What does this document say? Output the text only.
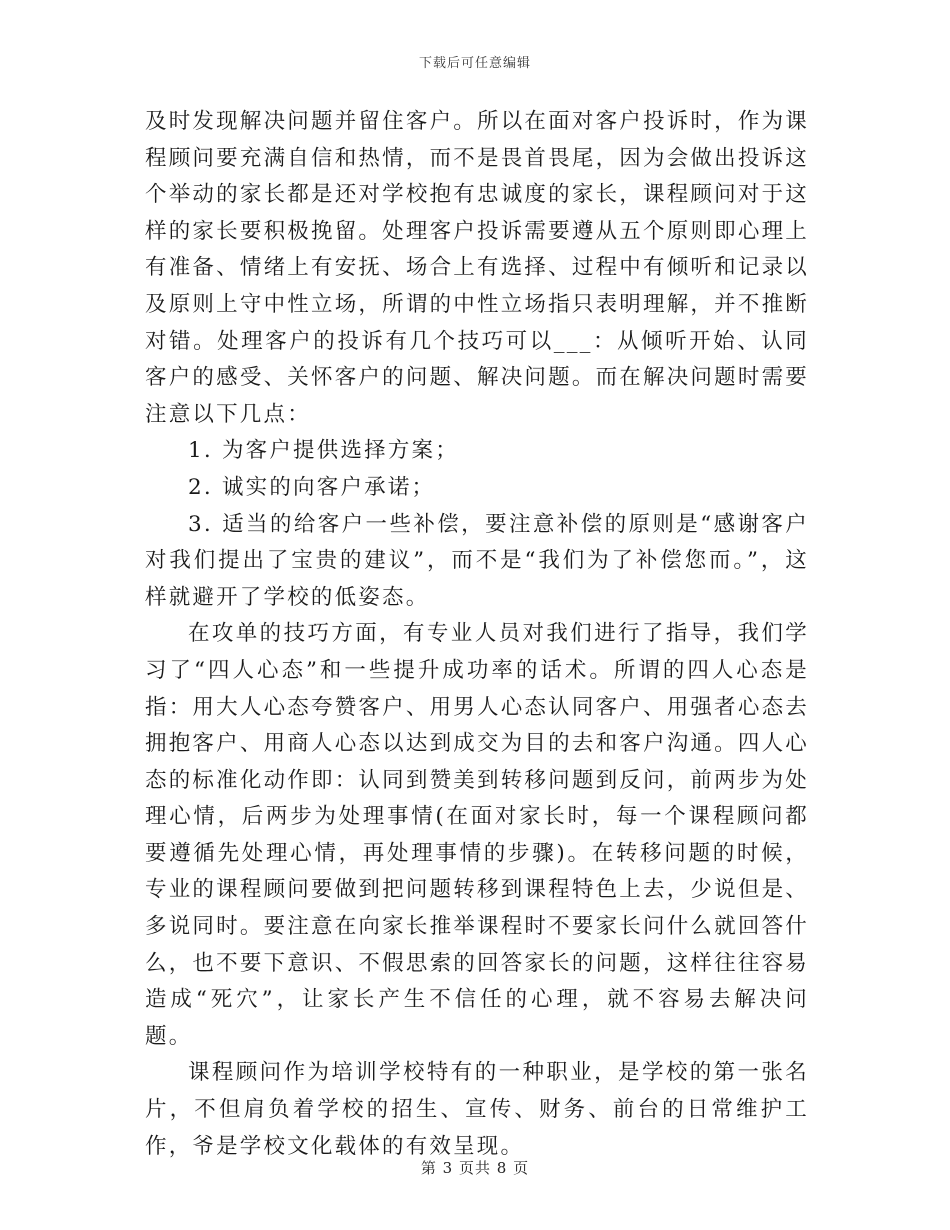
下载后可任意编辑

及时发现解决问题并留住客户。所以在面对客户投诉时，作为课程顾问要充满自信和热情，而不是畏首畏尾，因为会做出投诉这个举动的家长都是还对学校抱有忠诚度的家长，课程顾问对于这样的家长要积极挽留。处理客户投诉需要遵从五个原则即心理上有准备、情绪上有安抚、场合上有选择、过程中有倾听和记录以及原则上守中性立场，所谓的中性立场指只表明理解，并不推断对错。处理客户的投诉有几个技巧可以___：从倾听开始、认同客户的感受、关怀客户的问题、解决问题。而在解决问题时需要注意以下几点：

1. 为客户提供选择方案；

2. 诚实的向客户承诺；

3. 适当的给客户一些补偿，要注意补偿的原则是“感谢客户对我们提出了宝贵的建议”，而不是“我们为了补偿您而。”，这样就避开了学校的低姿态。

在攻单的技巧方面，有专业人员对我们进行了指导，我们学习了“四人心态”和一些提升成功率的话术。所谓的四人心态是指：用大人心态夸赞客户、用男人心态认同客户、用强者心态去拥抱客户、用商人心态以达到成交为目的去和客户沟通。四人心态的标准化动作即：认同到赞美到转移问题到反问，前两步为处理心情，后两步为处理事情(在面对家长时，每一个课程顾问都要遵循先处理心情，再处理事情的步骤)。在转移问题的时候，专业的课程顾问要做到把问题转移到课程特色上去，少说但是、多说同时。要注意在向家长推举课程时不要家长问什么就回答什么，也不要下意识、不假思索的回答家长的问题，这样往往容易造成“死穴”，让家长产生不信任的心理，就不容易去解决问题。

课程顾问作为培训学校特有的一种职业，是学校的第一张名片，不但肩负着学校的招生、宣传、财务、前台的日常维护工作，爷是学校文化载体的有效呈现。

第 3 页共 8 页
